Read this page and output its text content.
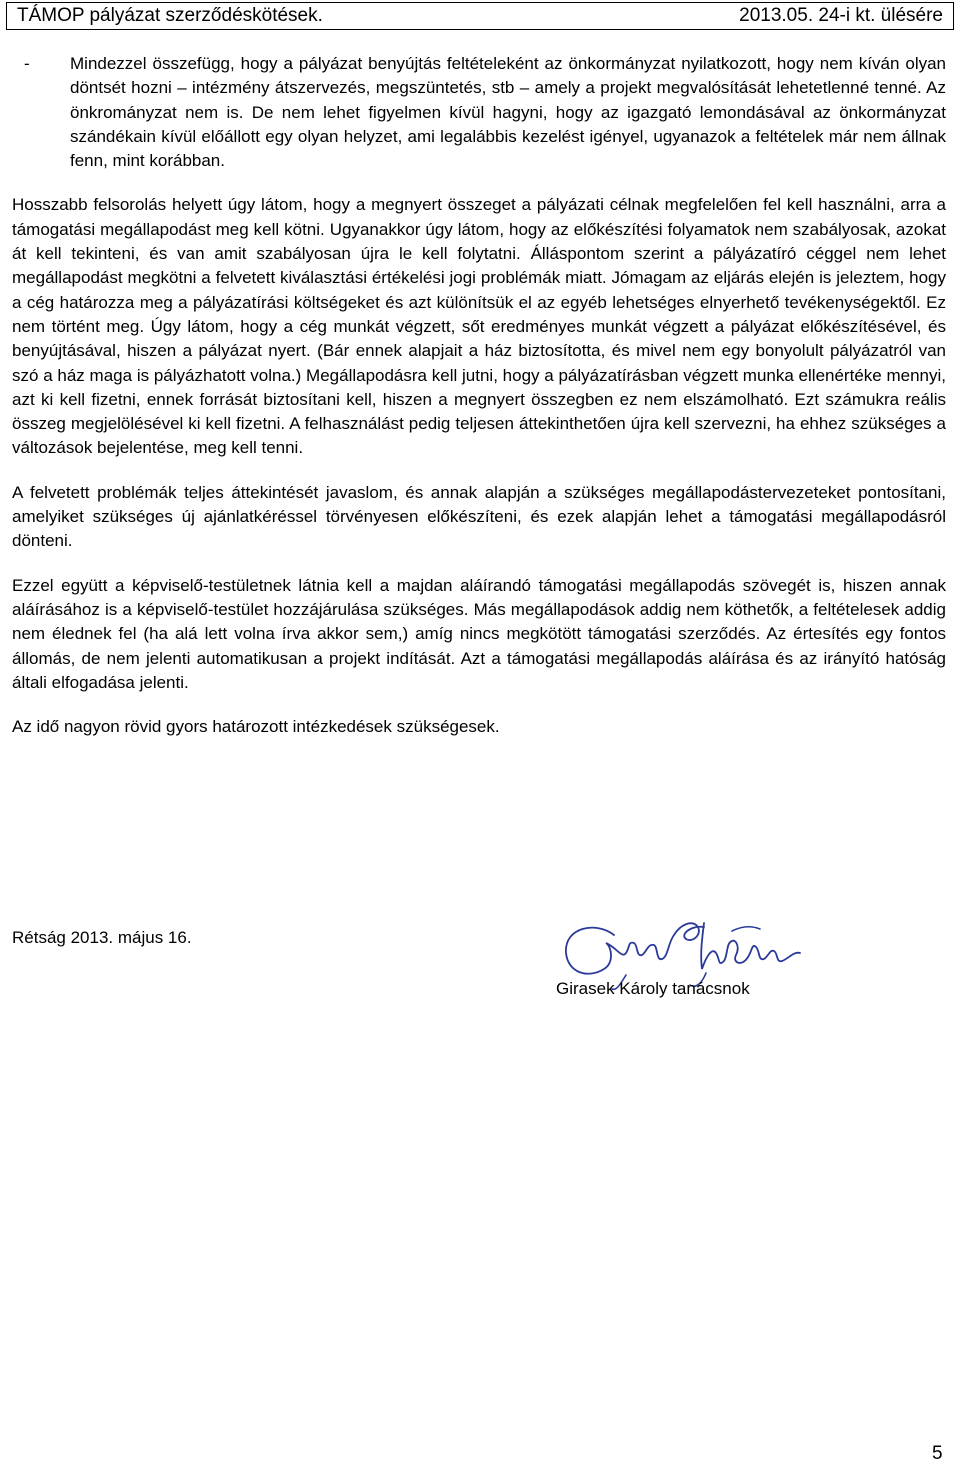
TÁMOP pályázat szerződéskötések.	2013.05. 24-i kt. ülésére

- Mindezzel összefügg, hogy a pályázat benyújtás feltételeként az önkormányzat nyilatkozott, hogy nem kíván olyan döntsét hozni – intézmény átszervezés, megszüntetés, stb – amely a projekt megvalósítását lehetetlenné tenné. Az önkrományzat nem is. De nem lehet figyelmen kívül hagyni, hogy az igazgató lemondásával az önkormányzat szándékain kívül előállott egy olyan helyzet, ami legalábbis kezelést igényel, ugyanazok a feltételek már nem állnak fenn, mint korábban.

Hosszabb felsorolás helyett úgy látom, hogy a megnyert összeget a pályázati célnak megfelelően fel kell használni, arra a támogatási megállapodást meg kell kötni. Ugyanakkor úgy látom, hogy az előkészítési folyamatok nem szabályosak, azokat át kell tekinteni, és van amit szabályosan újra le kell folytatni. Álláspontom szerint a pályázatíró céggel nem lehet megállapodást megkötni a felvetett kiválasztási értékelési jogi problémák miatt. Jómagam az eljárás elején is jeleztem, hogy a cég határozza meg a pályázatírási költségeket és azt különítsük el az egyéb lehetséges elnyerhető tevékenységektől. Ez nem történt meg. Úgy látom, hogy a cég munkát végzett, sőt eredményes munkát végzett a pályázat előkészítésével, és benyújtásával, hiszen a pályázat nyert. (Bár ennek alapjait a ház biztosította, és mivel nem egy bonyolult pályázatról van szó a ház maga is pályázhatott volna.) Megállapodásra kell jutni, hogy a pályázatírásban végzett munka ellenértéke mennyi, azt ki kell fizetni, ennek forrását biztosítani kell, hiszen a megnyert összegben ez nem elszámolható. Ezt számukra reális összeg megjelölésével ki kell fizetni. A felhasználást pedig teljesen áttekinthetően újra kell szervezni, ha ehhez szükséges a változások bejelentése, meg kell tenni.

A felvetett problémák teljes áttekintését javaslom, és annak alapján a szükséges megállapodástervezeteket pontosítani, amelyiket szükséges új ajánlatkéréssel törvényesen előkészíteni, és ezek alapján lehet a támogatási megállapodásról dönteni.

Ezzel együtt a képviselő-testületnek látnia kell a majdan aláírandó támogatási megállapodás szövegét is, hiszen annak aláírásához is a képviselő-testület hozzájárulása szükséges. Más megállapodások addig nem köthetők, a feltételesek addig nem élednek fel (ha alá lett volna írva akkor sem,) amíg nincs megkötött támogatási szerződés. Az értesítés egy fontos állomás, de nem jelenti automatikusan a projekt indítását. Azt a támogatási megállapodás aláírása és az irányító hatóság általi elfogadása jelenti.

Az idő nagyon rövid gyors határozott intézkedések szükségesek.

Rétság 2013. május 16.
Girasek Károly tanácsnok
5
